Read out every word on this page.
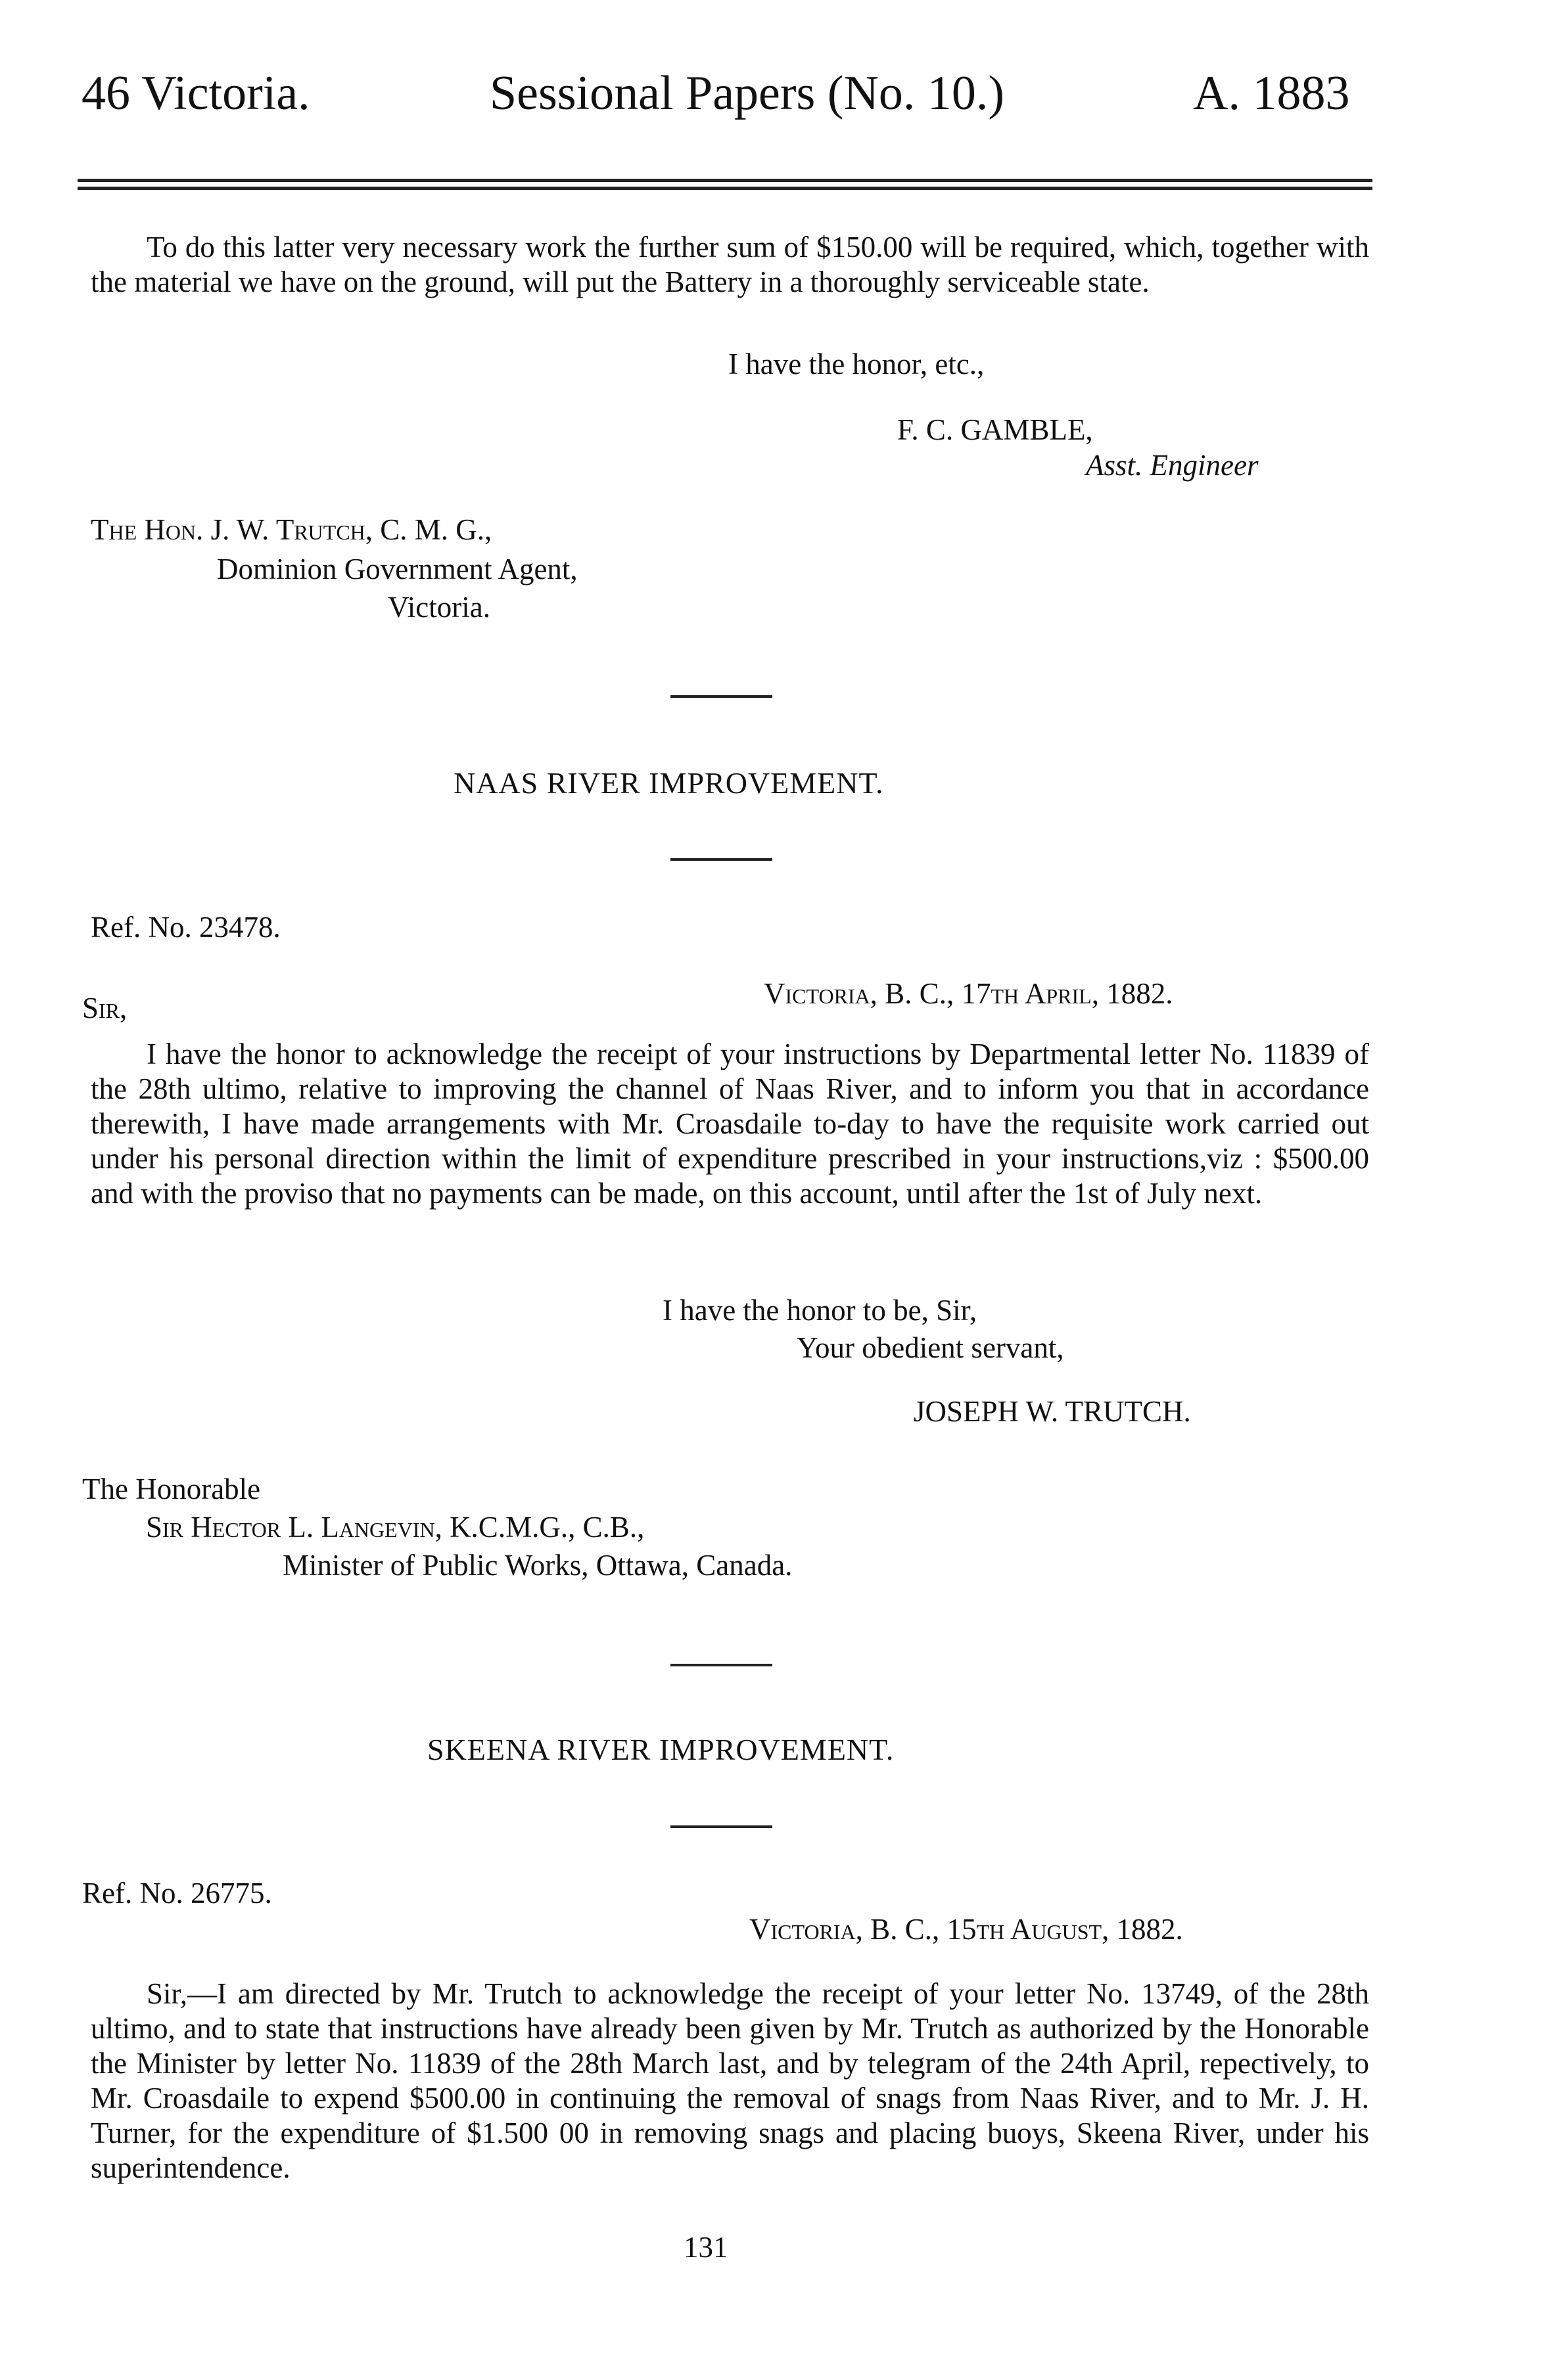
46 Victoria.	Sessional Papers (No. 10.)	A. 1883
To do this latter very necessary work the further sum of $150.00 will be required, which, together with the material we have on the ground, will put the Battery in a thoroughly serviceable state.
I have the honor, etc.,
F. C. GAMBLE,
Asst. Engineer
The Hon. J. W. Trutch, C. M. G.,
Dominion Government Agent,
Victoria.
NAAS RIVER IMPROVEMENT.
Ref. No. 23478.
Victoria, B. C., 17th April, 1882.
Sir,
I have the honor to acknowledge the receipt of your instructions by Departmental letter No. 11839 of the 28th ultimo, relative to improving the channel of Naas River, and to inform you that in accordance therewith, I have made arrangements with Mr. Croasdaile to-day to have the requisite work carried out under his personal direction within the limit of expenditure prescribed in your instructions,viz : $500.00 and with the proviso that no payments can be made, on this account, until after the 1st of July next.
I have the honor to be, Sir,
Your obedient servant,
JOSEPH W. TRUTCH.
The Honorable
Sir Hector L. Langevin, K.C.M.G., C.B.,
Minister of Public Works, Ottawa, Canada.
SKEENA RIVER IMPROVEMENT.
Ref. No. 26775.
Victoria, B. C., 15th August, 1882.
Sir,—I am directed by Mr. Trutch to acknowledge the receipt of your letter No. 13749, of the 28th ultimo, and to state that instructions have already been given by Mr. Trutch as authorized by the Honorable the Minister by letter No. 11839 of the 28th March last, and by telegram of the 24th April, repectively, to Mr. Croasdaile to expend $500.00 in continuing the removal of snags from Naas River, and to Mr. J. H. Turner, for the expenditure of $1.500 00 in removing snags and placing buoys, Skeena River, under his superintendence.
131
